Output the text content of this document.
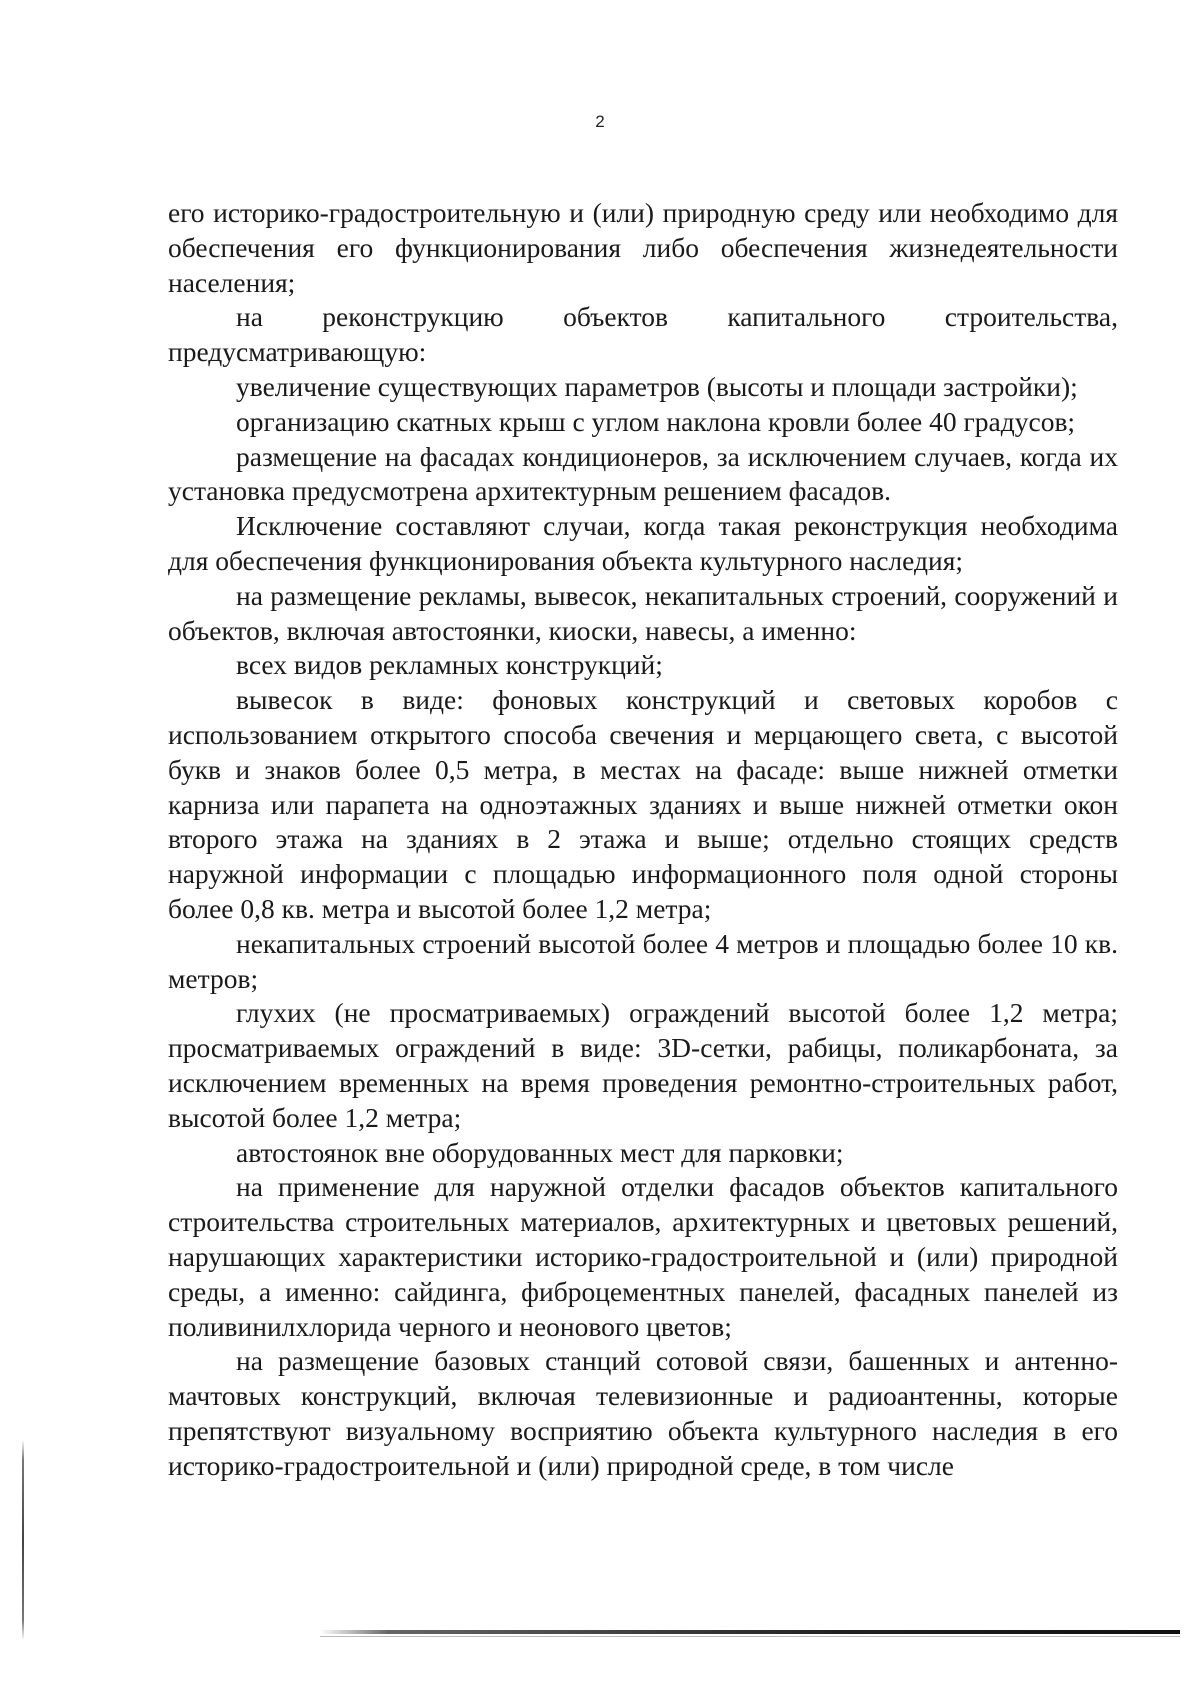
2

его историко-градостроительную и (или) природную среду или необходимо для обеспечения его функционирования либо обеспечения жизнедеятельности населения;

на реконструкцию объектов капитального строительства, предусматривающую:

увеличение существующих параметров (высоты и площади застройки);

организацию скатных крыш с углом наклона кровли более 40 градусов;

размещение на фасадах кондиционеров, за исключением случаев, когда их установка предусмотрена архитектурным решением фасадов.

Исключение составляют случаи, когда такая реконструкция необходима для обеспечения функционирования объекта культурного наследия;

на размещение рекламы, вывесок, некапитальных строений, сооружений и объектов, включая автостоянки, киоски, навесы, а именно:

всех видов рекламных конструкций;

вывесок в виде: фоновых конструкций и световых коробов с использованием открытого способа свечения и мерцающего света, с высотой букв и знаков более 0,5 метра, в местах на фасаде: выше нижней отметки карниза или парапета на одноэтажных зданиях и выше нижней отметки окон второго этажа на зданиях в 2 этажа и выше; отдельно стоящих средств наружной информации с площадью информационного поля одной стороны более 0,8 кв. метра и высотой более 1,2 метра;

некапитальных строений высотой более 4 метров и площадью более 10 кв. метров;

глухих (не просматриваемых) ограждений высотой более 1,2 метра; просматриваемых ограждений в виде: 3D-сетки, рабицы, поликарбоната, за исключением временных на время проведения ремонтно-строительных работ, высотой более 1,2 метра;

автостоянок вне оборудованных мест для парковки;

на применение для наружной отделки фасадов объектов капитального строительства строительных материалов, архитектурных и цветовых решений, нарушающих характеристики историко-градостроительной и (или) природной среды, а именно: сайдинга, фиброцементных панелей, фасадных панелей из поливинилхлорида черного и неонового цветов;

на размещение базовых станций сотовой связи, башенных и антенно-мачтовых конструкций, включая телевизионные и радиоантенны, которые препятствуют визуальному восприятию объекта культурного наследия в его историко-градостроительной и (или) природной среде, в том числе
